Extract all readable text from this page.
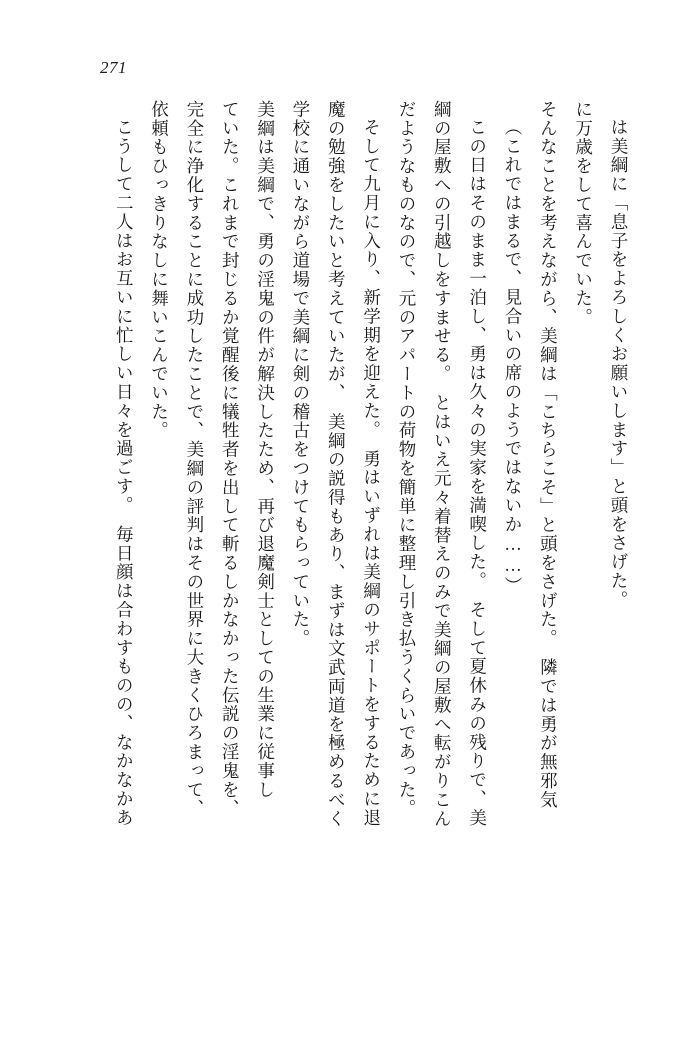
271

は美綱に「息子をよろしくお願いします」と頭をさげた。

に万歳をして喜んでいた。

そんなことを考えながら、美綱は「こちらこそ」と頭をさげた。　隣では勇が無邪気

（これではまるで、見合いの席のようではないか……）

この日はそのまま一泊し、勇は久々の実家を満喫した。　そして夏休みの残りで、美

綱の屋敷への引越しをすませる。　とはいえ元々着替えのみで美綱の屋敷へ転がりこん

だようなものなので、元のアパートの荷物を簡単に整理し引き払うくらいであった。

そして九月に入り、新学期を迎えた。　勇はいずれは美綱のサポートをするために退

魔の勉強をしたいと考えていたが、　美綱の説得もあり、まずは文武両道を極めるべく

学校に通いながら道場で美綱に剣の稽古をつけてもらっていた。

美綱は美綱で、勇の淫鬼の件が解決したため、再び退魔剣士としての生業に従事し

ていた。これまで封じるか覚醒後に犠牲者を出して斬るしかなかった伝説の淫鬼を、

完全に浄化することに成功したことで、美綱の評判はその世界に大きくひろまって、

依頼もひっきりなしに舞いこんでいた。

こうして二人はお互いに忙しい日々を過ごす。　毎日顔は合わすものの、なかなかあ
